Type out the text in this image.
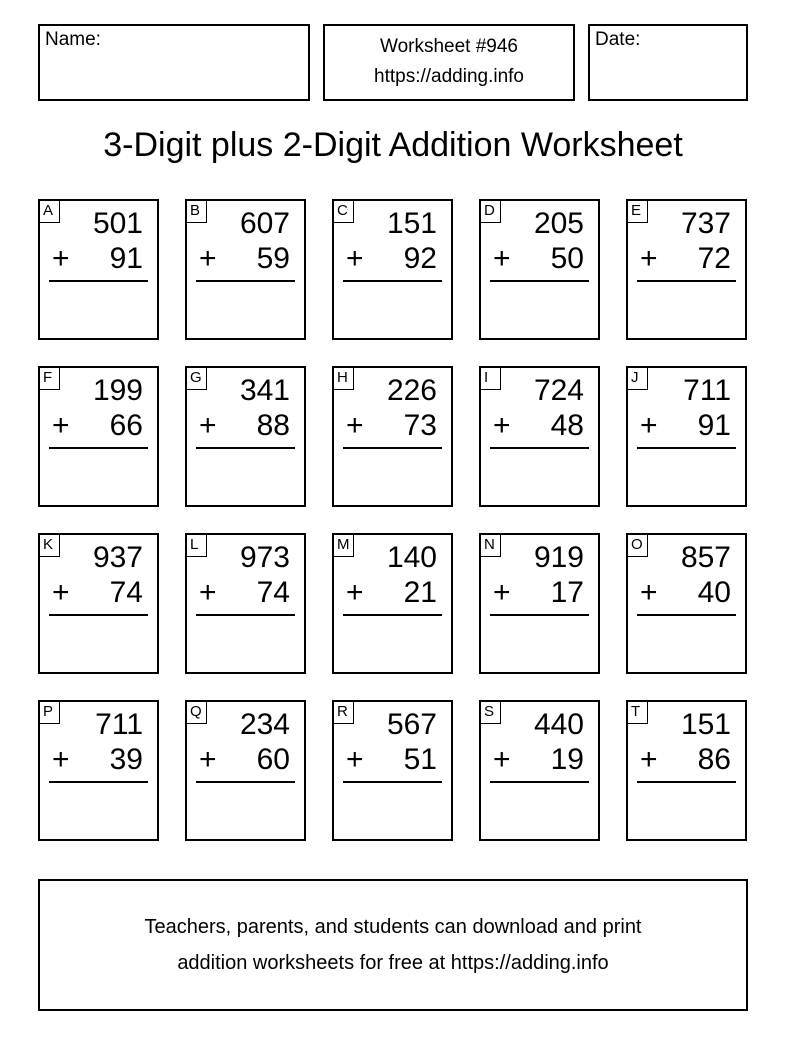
Name:	Worksheet #946
https://adding.info
Date:
3-Digit plus 2-Digit Addition Worksheet
A 501
+ 91
B 607
+ 59
C 151
+ 92
D 205
+ 50
E 737
+ 72
F 199
+ 66
G 341
+ 88
H 226
+ 73
I	724
+ 48
J	711
+ 91
K 937
+ 74
L 973
+ 74
M 140
+ 21
N 919
+ 17
O 857
+ 40
P 711
+ 39
Q 234
+ 60
R 567
+ 51
S 440
+ 19
T 151
+ 86
Teachers, parents, and students can download and print
addition worksheets for free at https://adding.info
